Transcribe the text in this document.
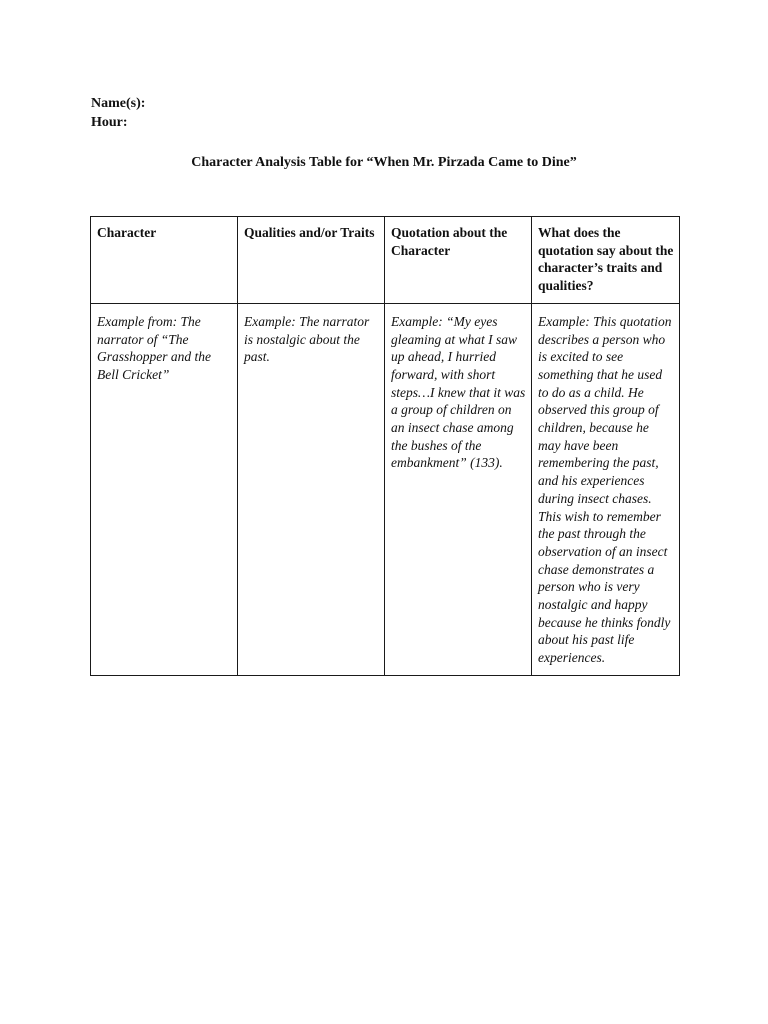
Name(s):
Hour:
Character Analysis Table for “When Mr. Pirzada Came to Dine”
Character	Qualities and/or Traits	Quotation about the Character	What does the quotation say about the character’s traits and qualities?
Example from: The narrator of “The Grasshopper and the Bell Cricket”	Example: The narrator is nostalgic about the past.	Example: “My eyes gleaming at what I saw up ahead, I hurried forward, with short steps…I knew that it was a group of children on an insect chase among the bushes of the embankment” (133).	Example: This quotation describes a person who is excited to see something that he used to do as a child. He observed this group of children, because he may have been remembering the past, and his experiences during insect chases. This wish to remember the past through the observation of an insect chase demonstrates a person who is very nostalgic and happy because he thinks fondly about his past life experiences.
